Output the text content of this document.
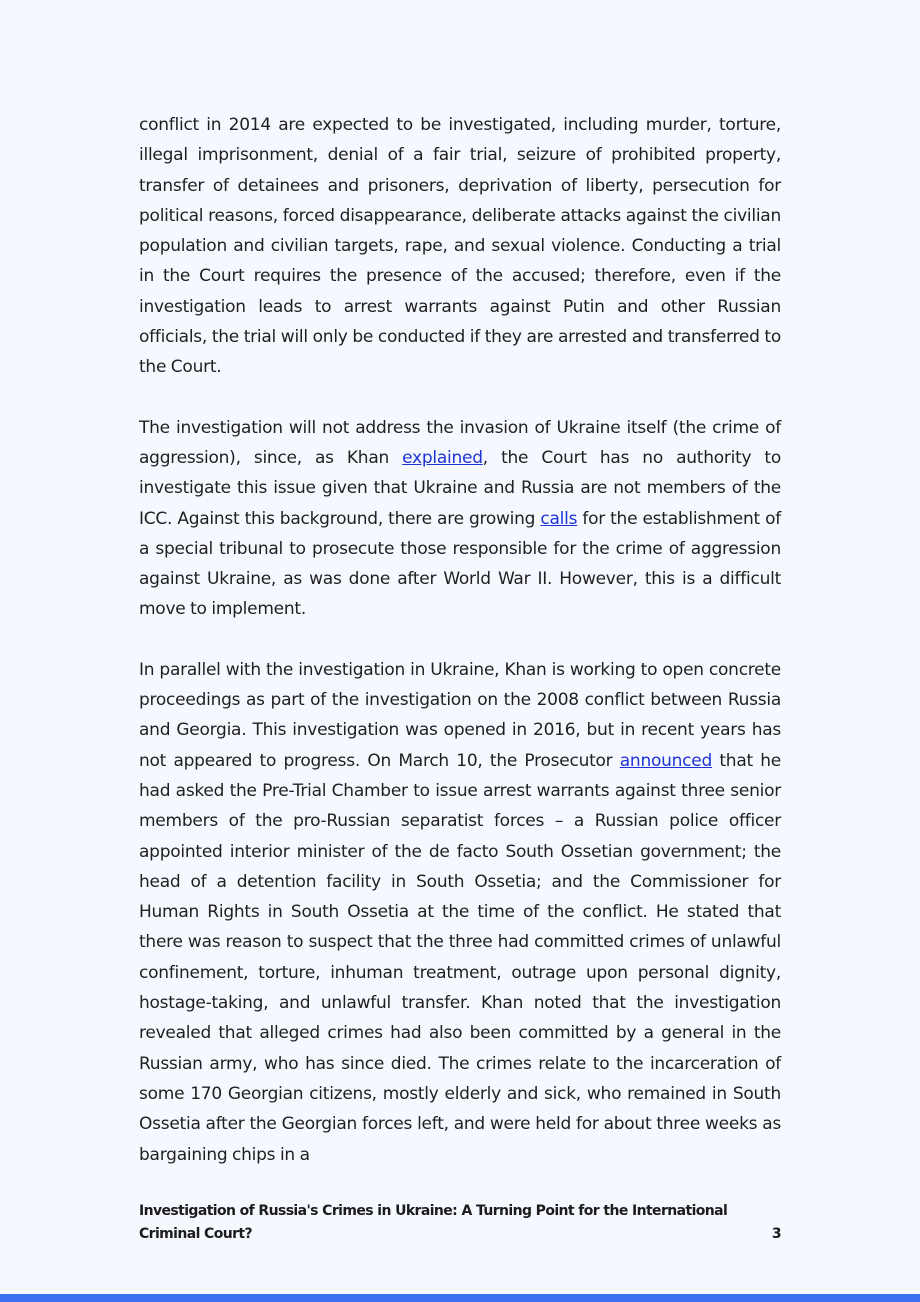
conflict in 2014 are expected to be investigated, including murder, torture, illegal imprisonment, denial of a fair trial, seizure of prohibited property, transfer of detainees and prisoners, deprivation of liberty, persecution for political reasons, forced disappearance, deliberate attacks against the civilian population and civilian targets, rape, and sexual violence. Conducting a trial in the Court requires the presence of the accused; therefore, even if the investigation leads to arrest warrants against Putin and other Russian officials, the trial will only be conducted if they are arrested and transferred to the Court.

The investigation will not address the invasion of Ukraine itself (the crime of aggression), since, as Khan explained, the Court has no authority to investigate this issue given that Ukraine and Russia are not members of the ICC. Against this background, there are growing calls for the establishment of a special tribunal to prosecute those responsible for the crime of aggression against Ukraine, as was done after World War II. However, this is a difficult move to implement.

In parallel with the investigation in Ukraine, Khan is working to open concrete proceedings as part of the investigation on the 2008 conflict between Russia and Georgia. This investigation was opened in 2016, but in recent years has not appeared to progress. On March 10, the Prosecutor announced that he had asked the Pre-Trial Chamber to issue arrest warrants against three senior members of the pro-Russian separatist forces – a Russian police officer appointed interior minister of the de facto South Ossetian government; the head of a detention facility in South Ossetia; and the Commissioner for Human Rights in South Ossetia at the time of the conflict. He stated that there was reason to suspect that the three had committed crimes of unlawful confinement, torture, inhuman treatment, outrage upon personal dignity, hostage-taking, and unlawful transfer. Khan noted that the investigation revealed that alleged crimes had also been committed by a general in the Russian army, who has since died. The crimes relate to the incarceration of some 170 Georgian citizens, mostly elderly and sick, who remained in South Ossetia after the Georgian forces left, and were held for about three weeks as bargaining chips in a

Investigation of Russia's Crimes in Ukraine: A Turning Point for the International Criminal Court?	3
